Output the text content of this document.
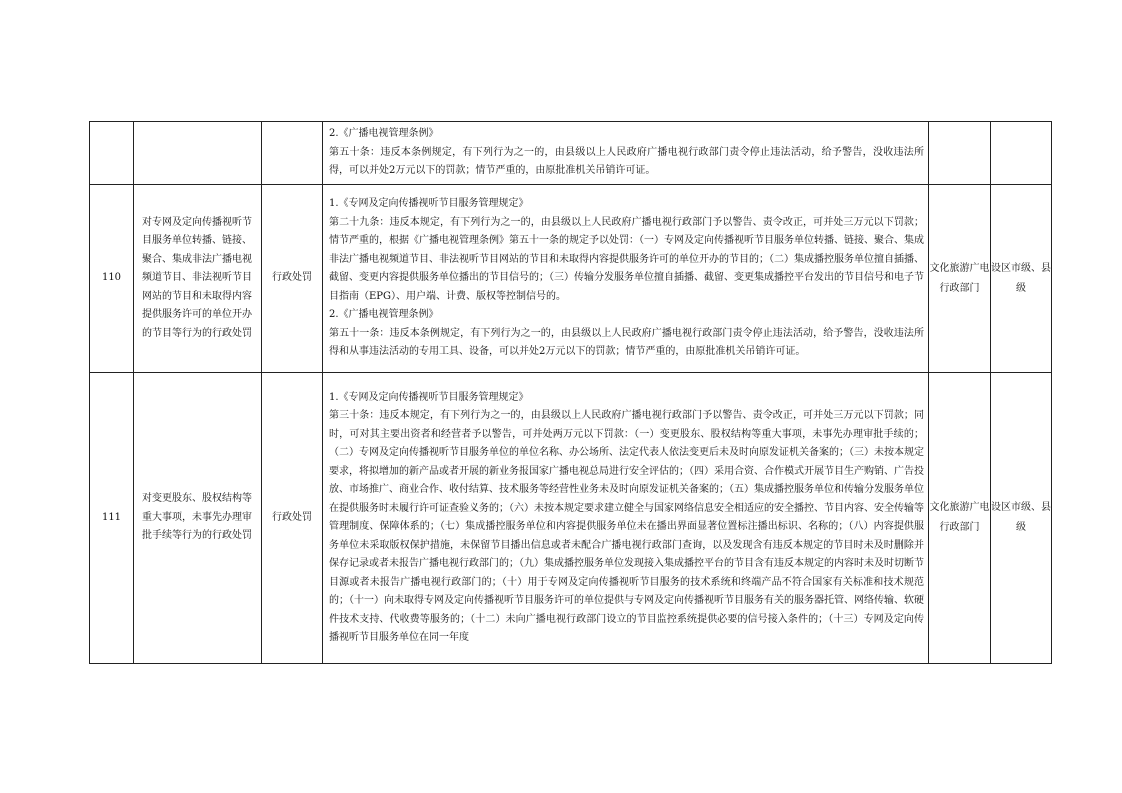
			2.《广播电视管理条例》

第五十条：违反本条例规定，有下列行为之一的，由县级以上人民政府广播电视行政部门责令停止违法活动，给予警告，没收违法所得，可以并处2万元以下的罚款；情节严重的，由原批准机关吊销许可证。		

110	对专网及定向传播视听节目服务单位转播、链接、聚合、集成非法广播电视频道节目、非法视听节目网站的节目和未取得内容提供服务许可的单位开办的节目等行为的行政处罚	行政处罚	1.《专网及定向传播视听节目服务管理规定》

第二十九条：违反本规定，有下列行为之一的，由县级以上人民政府广播电视行政部门予以警告、责令改正，可并处三万元以下罚款；情节严重的，根据《广播电视管理条例》第五十一条的规定予以处罚：（一）专网及定向传播视听节目服务单位转播、链接、聚合、集成非法广播电视频道节目、非法视听节目网站的节目和未取得内容提供服务许可的单位开办的节目的；（二）集成播控服务单位擅自插播、截留、变更内容提供服务单位播出的节目信号的；（三）传输分发服务单位擅自插播、截留、变更集成播控平台发出的节目信号和电子节目指南（EPG）、用户端、计费、版权等控制信号的。

2.《广播电视管理条例》

第五十一条：违反本条例规定，有下列行为之一的，由县级以上人民政府广播电视行政部门责令停止违法活动，给予警告，没收违法所得和从事违法活动的专用工具、设备，可以并处2万元以下的罚款；情节严重的，由原批准机关吊销许可证。	文化旅游广电行政部门	设区市级、县级
111	对变更股东、股权结构等重大事项，未事先办理审批手续等行为的行政处罚	行政处罚	1.《专网及定向传播视听节目服务管理规定》

第三十条：违反本规定，有下列行为之一的，由县级以上人民政府广播电视行政部门予以警告、责令改正，可并处三万元以下罚款；同时，可对其主要出资者和经营者予以警告，可并处两万元以下罚款：（一）变更股东、股权结构等重大事项，未事先办理审批手续的；（二）专网及定向传播视听节目服务单位的单位名称、办公场所、法定代表人依法变更后未及时向原发证机关备案的；（三）未按本规定要求，将拟增加的新产品或者开展的新业务报国家广播电视总局进行安全评估的；（四）采用合资、合作模式开展节目生产购销、广告投放、市场推广、商业合作、收付结算、技术服务等经营性业务未及时向原发证机关备案的；（五）集成播控服务单位和传输分发服务单位在提供服务时未履行许可证查验义务的；（六）未按本规定要求建立健全与国家网络信息安全相适应的安全播控、节目内容、安全传输等管理制度、保障体系的；（七）集成播控服务单位和内容提供服务单位未在播出界面显著位置标注播出标识、名称的；（八）内容提供服务单位未采取版权保护措施，未保留节目播出信息或者未配合广播电视行政部门查询，以及发现含有违反本规定的节目时未及时删除并保存记录或者未报告广播电视行政部门的；（九）集成播控服务单位发现接入集成播控平台的节目含有违反本规定的内容时未及时切断节目源或者未报告广播电视行政部门的；（十）用于专网及定向传播视听节目服务的技术系统和终端产品不符合国家有关标准和技术规范的；（十一）向未取得专网及定向传播视听节目服务许可的单位提供与专网及定向传播视听节目服务有关的服务器托管、网络传输、软硬件技术支持、代收费等服务的；（十二）未向广播电视行政部门设立的节目监控系统提供必要的信号接入条件的；（十三）专网及定向传播视听节目服务单位在同一年度	文化旅游广电行政部门	设区市级、县级
